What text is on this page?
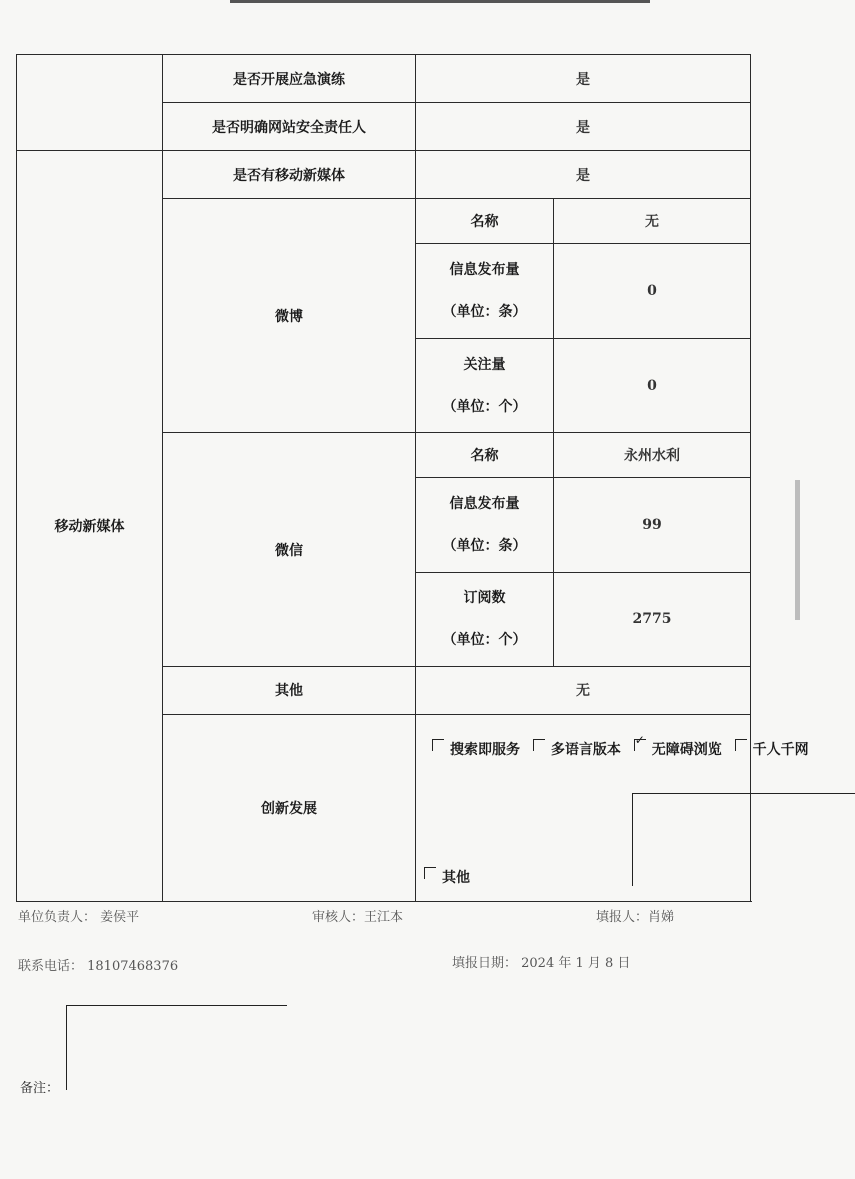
	是否开展应急演练	是	
	是否明确网站安全责任人	是	
移动新媒体	是否有移动新媒体	是	
	微博	名称	无

		信息发布量
（单位：条）	0

		关注量
（单位：个）	0
	微信	名称	永州水利

		信息发布量
（单位：条）	99

		订阅数
（单位：个）	2775
	其他	无	
	创新发展	搜索即服务 多语言版本 ✓ 无障碍浏览 千人千网
其他
单位负责人： 姜侯平	审核人：王江本	填报人：肖娣
联系电话： 18107468376	填报日期： 2024 年 1 月 8 日
备注：
